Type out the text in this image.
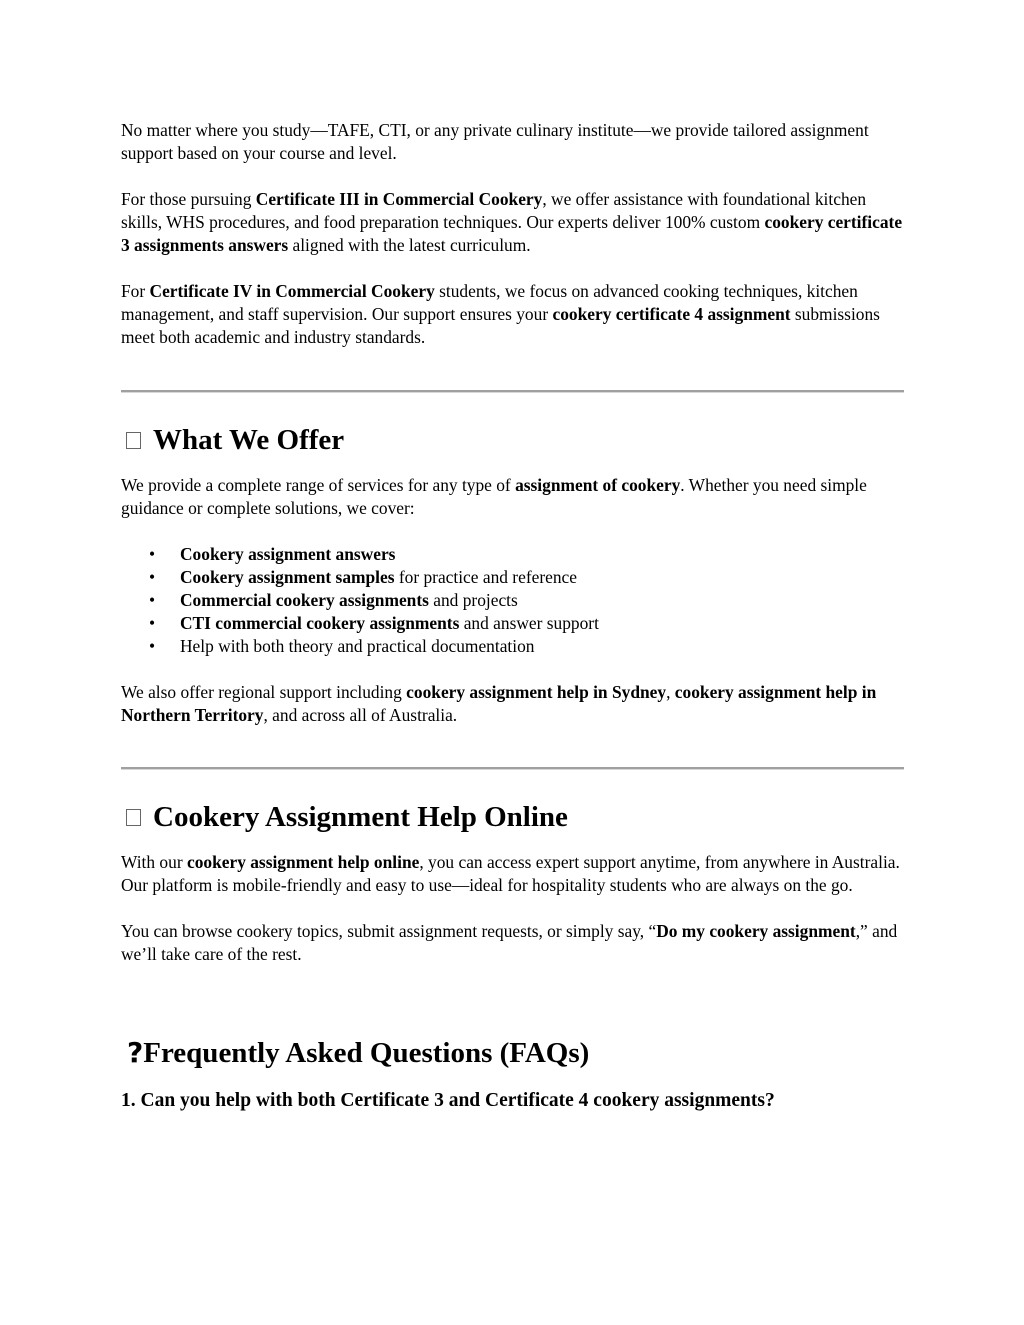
No matter where you study—TAFE, CTI, or any private culinary institute—we provide tailored assignment support based on your course and level.

For those pursuing Certificate III in Commercial Cookery, we offer assistance with foundational kitchen skills, WHS procedures, and food preparation techniques. Our experts deliver 100% custom cookery certificate 3 assignments answers aligned with the latest curriculum.

For Certificate IV in Commercial Cookery students, we focus on advanced cooking techniques, kitchen management, and staff supervision. Our support ensures your cookery certificate 4 assignment submissions meet both academic and industry standards.

What We Offer

We provide a complete range of services for any type of assignment of cookery. Whether you need simple guidance or complete solutions, we cover:

• Cookery assignment answers
• Cookery assignment samples for practice and reference
• Commercial cookery assignments and projects
• CTI commercial cookery assignments and answer support
• Help with both theory and practical documentation

We also offer regional support including cookery assignment help in Sydney, cookery assignment help in Northern Territory, and across all of Australia.

Cookery Assignment Help Online

With our cookery assignment help online, you can access expert support anytime, from anywhere in Australia. Our platform is mobile-friendly and easy to use—ideal for hospitality students who are always on the go.

You can browse cookery topics, submit assignment requests, or simply say, “Do my cookery assignment,” and we’ll take care of the rest.

? Frequently Asked Questions (FAQs)
1. Can you help with both Certificate 3 and Certificate 4 cookery assignments?
